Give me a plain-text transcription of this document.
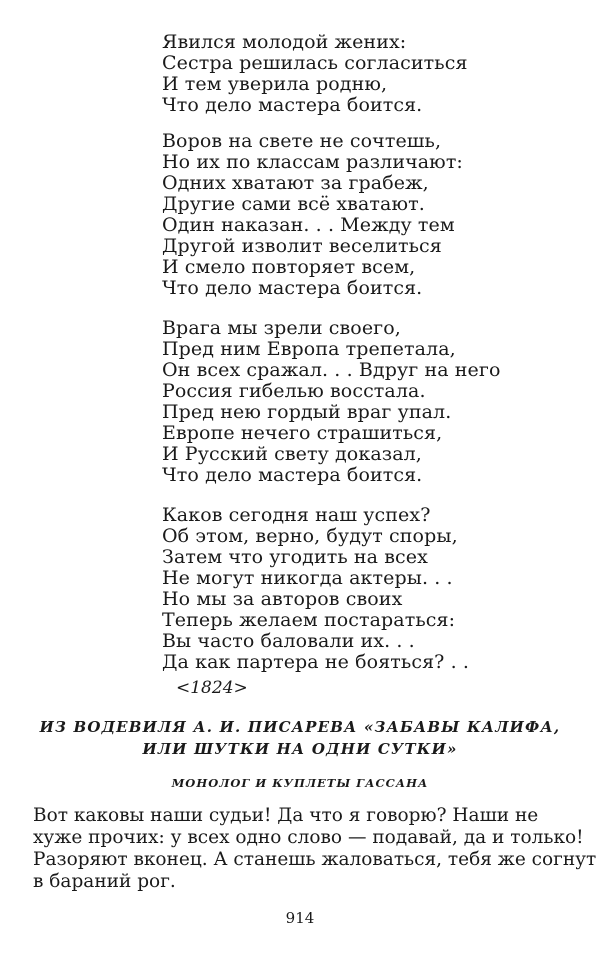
Явился молодой жених:
Сестра решилась согласиться
И тем уверила родню,
Что дело мастера боится.
Воров на свете не сочтешь,
Но их по классам различают:
Одних хватают за грабеж,
Другие сами всё хватают.
Один наказан. . . Между тем
Другой изволит веселиться
И смело повторяет всем,
Что дело мастера боится.
Врага мы зрели своего,
Пред ним Европа трепетала,
Он всех сражал. . . Вдруг на него
Россия гибелью восстала.
Пред нею гордый враг упал.
Европе нечего страшиться,
И Русский свету доказал,
Что дело мастера боится.
Каков сегодня наш успех?
Об этом, верно, будут споры,
Затем что угодить на всех
Не могут никогда актеры. . .
Но мы за авторов своих
Теперь желаем постараться:
Вы часто баловали их. . .
Да как партера не бояться? . .
<1824>
ИЗ ВОДЕВИЛЯ А. И. ПИСАРЕВА «ЗАБАВЫ КАЛИФА,
ИЛИ ШУТКИ НА ОДНИ СУТКИ»
МОНОЛОГ И КУПЛЕТЫ ГАССАНА
Вот каковы наши судьи! Да что я говорю? Наши не
хуже прочих: у всех одно слово — подавай, да и только!
Разоряют вконец. А станешь жаловаться, тебя же согнут
в бараний рог.
914
